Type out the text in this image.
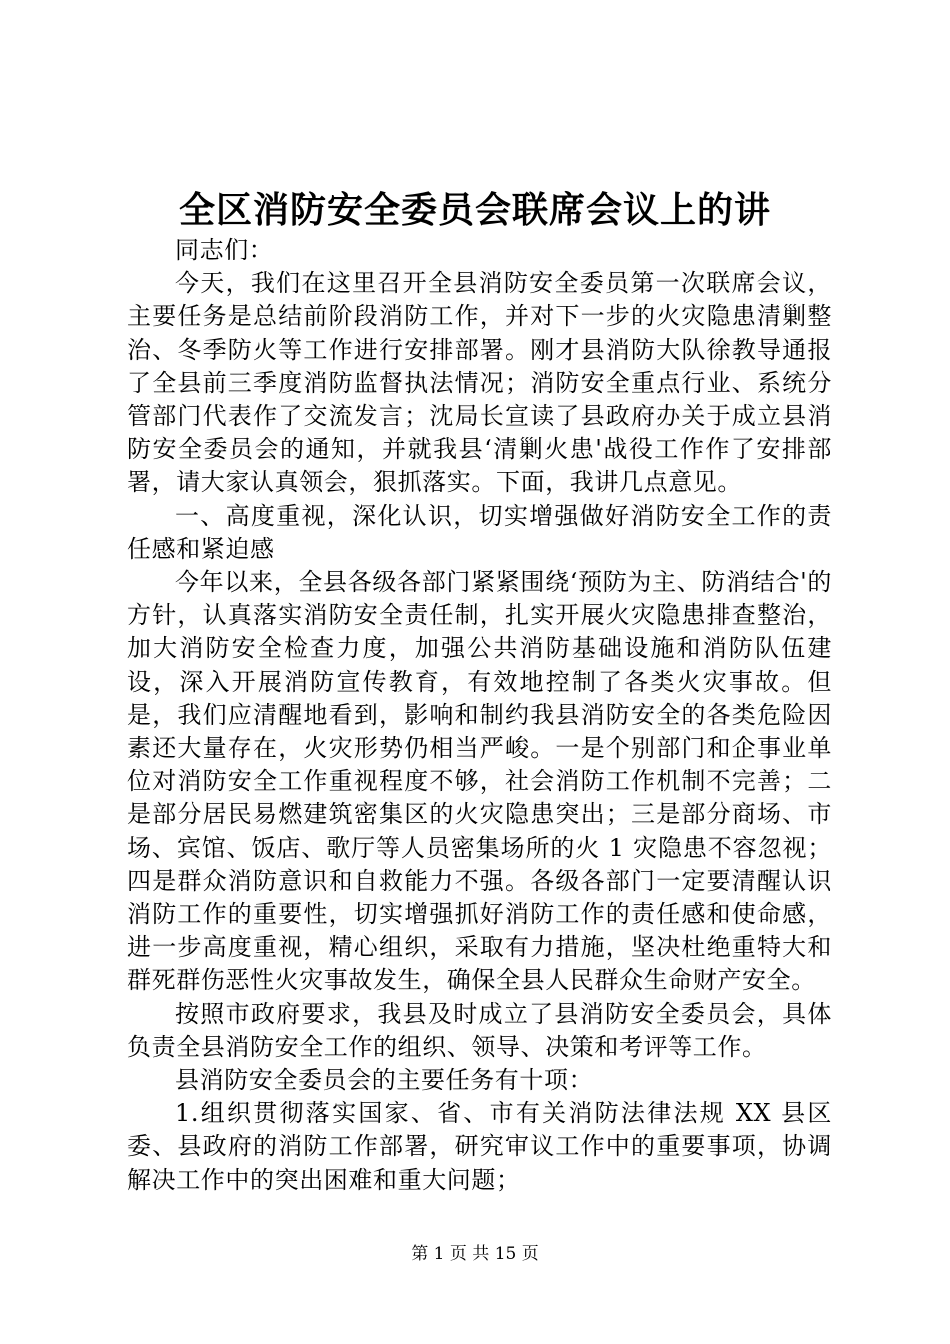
全区消防安全委员会联席会议上的讲

同志们：

今天，我们在这里召开全县消防安全委员第一次联席会议，主要任务是总结前阶段消防工作，并对下一步的火灾隐患清剿整治、冬季防火等工作进行安排部署。刚才县消防大队徐教导通报了全县前三季度消防监督执法情况；消防安全重点行业、系统分管部门代表作了交流发言；沈局长宣读了县政府办关于成立县消防安全委员会的通知，并就我县‘清剿火患'战役工作作了安排部署，请大家认真领会，狠抓落实。下面，我讲几点意见。

一、高度重视，深化认识，切实增强做好消防安全工作的责任感和紧迫感

今年以来，全县各级各部门紧紧围绕‘预防为主、防消结合'的方针，认真落实消防安全责任制，扎实开展火灾隐患排查整治，加大消防安全检查力度，加强公共消防基础设施和消防队伍建设，深入开展消防宣传教育，有效地控制了各类火灾事故。但是，我们应清醒地看到，影响和制约我县消防安全的各类危险因素还大量存在，火灾形势仍相当严峻。一是个别部门和企事业单位对消防安全工作重视程度不够，社会消防工作机制不完善；二是部分居民易燃建筑密集区的火灾隐患突出；三是部分商场、市场、宾馆、饭店、歌厅等人员密集场所的火 1 灾隐患不容忽视；四是群众消防意识和自救能力不强。各级各部门一定要清醒认识消防工作的重要性，切实增强抓好消防工作的责任感和使命感，进一步高度重视，精心组织，采取有力措施，坚决杜绝重特大和群死群伤恶性火灾事故发生，确保全县人民群众生命财产安全。

按照市政府要求，我县及时成立了县消防安全委员会，具体负责全县消防安全工作的组织、领导、决策和考评等工作。

县消防安全委员会的主要任务有十项：

1.组织贯彻落实国家、省、市有关消防法律法规 XX 县区委、县政府的消防工作部署，研究审议工作中的重要事项，协调解决工作中的突出困难和重大问题；

第 1 页 共 15 页
